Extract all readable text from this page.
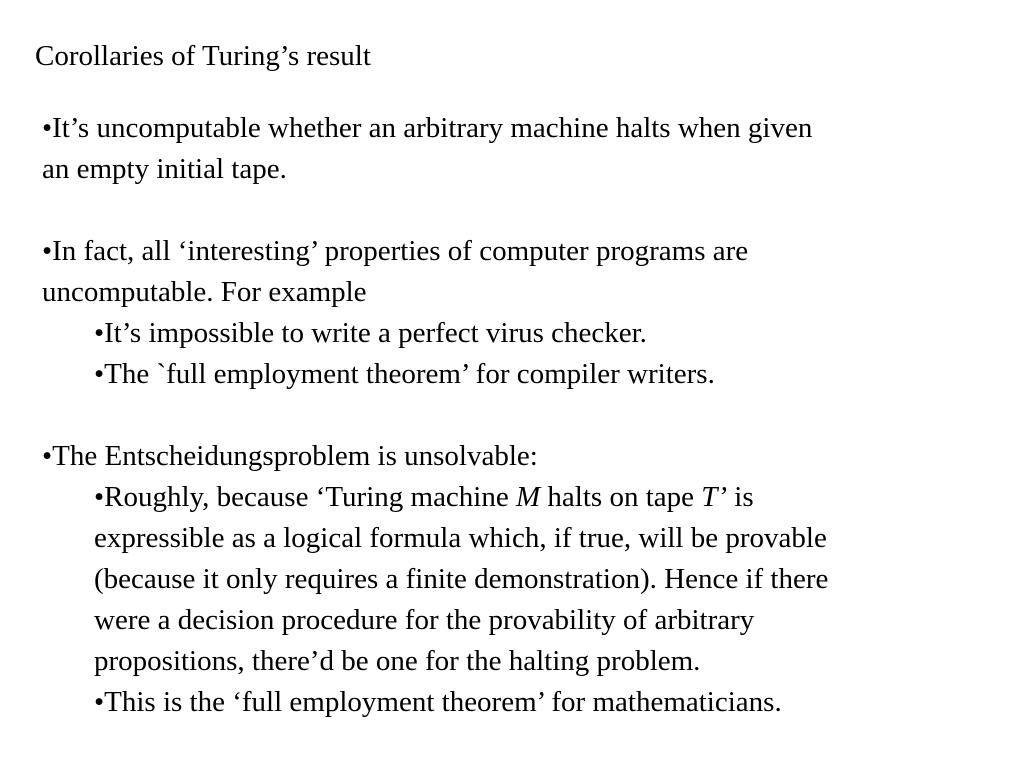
Corollaries of Turing’s result

•It’s uncomputable whether an arbitrary machine halts when given

an empty initial tape.

•In fact, all ‘interesting’ properties of computer programs are

uncomputable. For example

•It’s impossible to write a perfect virus checker.

•The `full employment theorem’ for compiler writers.

•The Entscheidungsproblem is unsolvable:

•Roughly, because ‘Turing machine M halts on tape T’ is
expressible as a logical formula which, if true, will be provable
(because it only requires a finite demonstration). Hence if there
were a decision procedure for the provability of arbitrary
propositions, there’d be one for the halting problem.

•This is the ‘full employment theorem’ for mathematicians.
